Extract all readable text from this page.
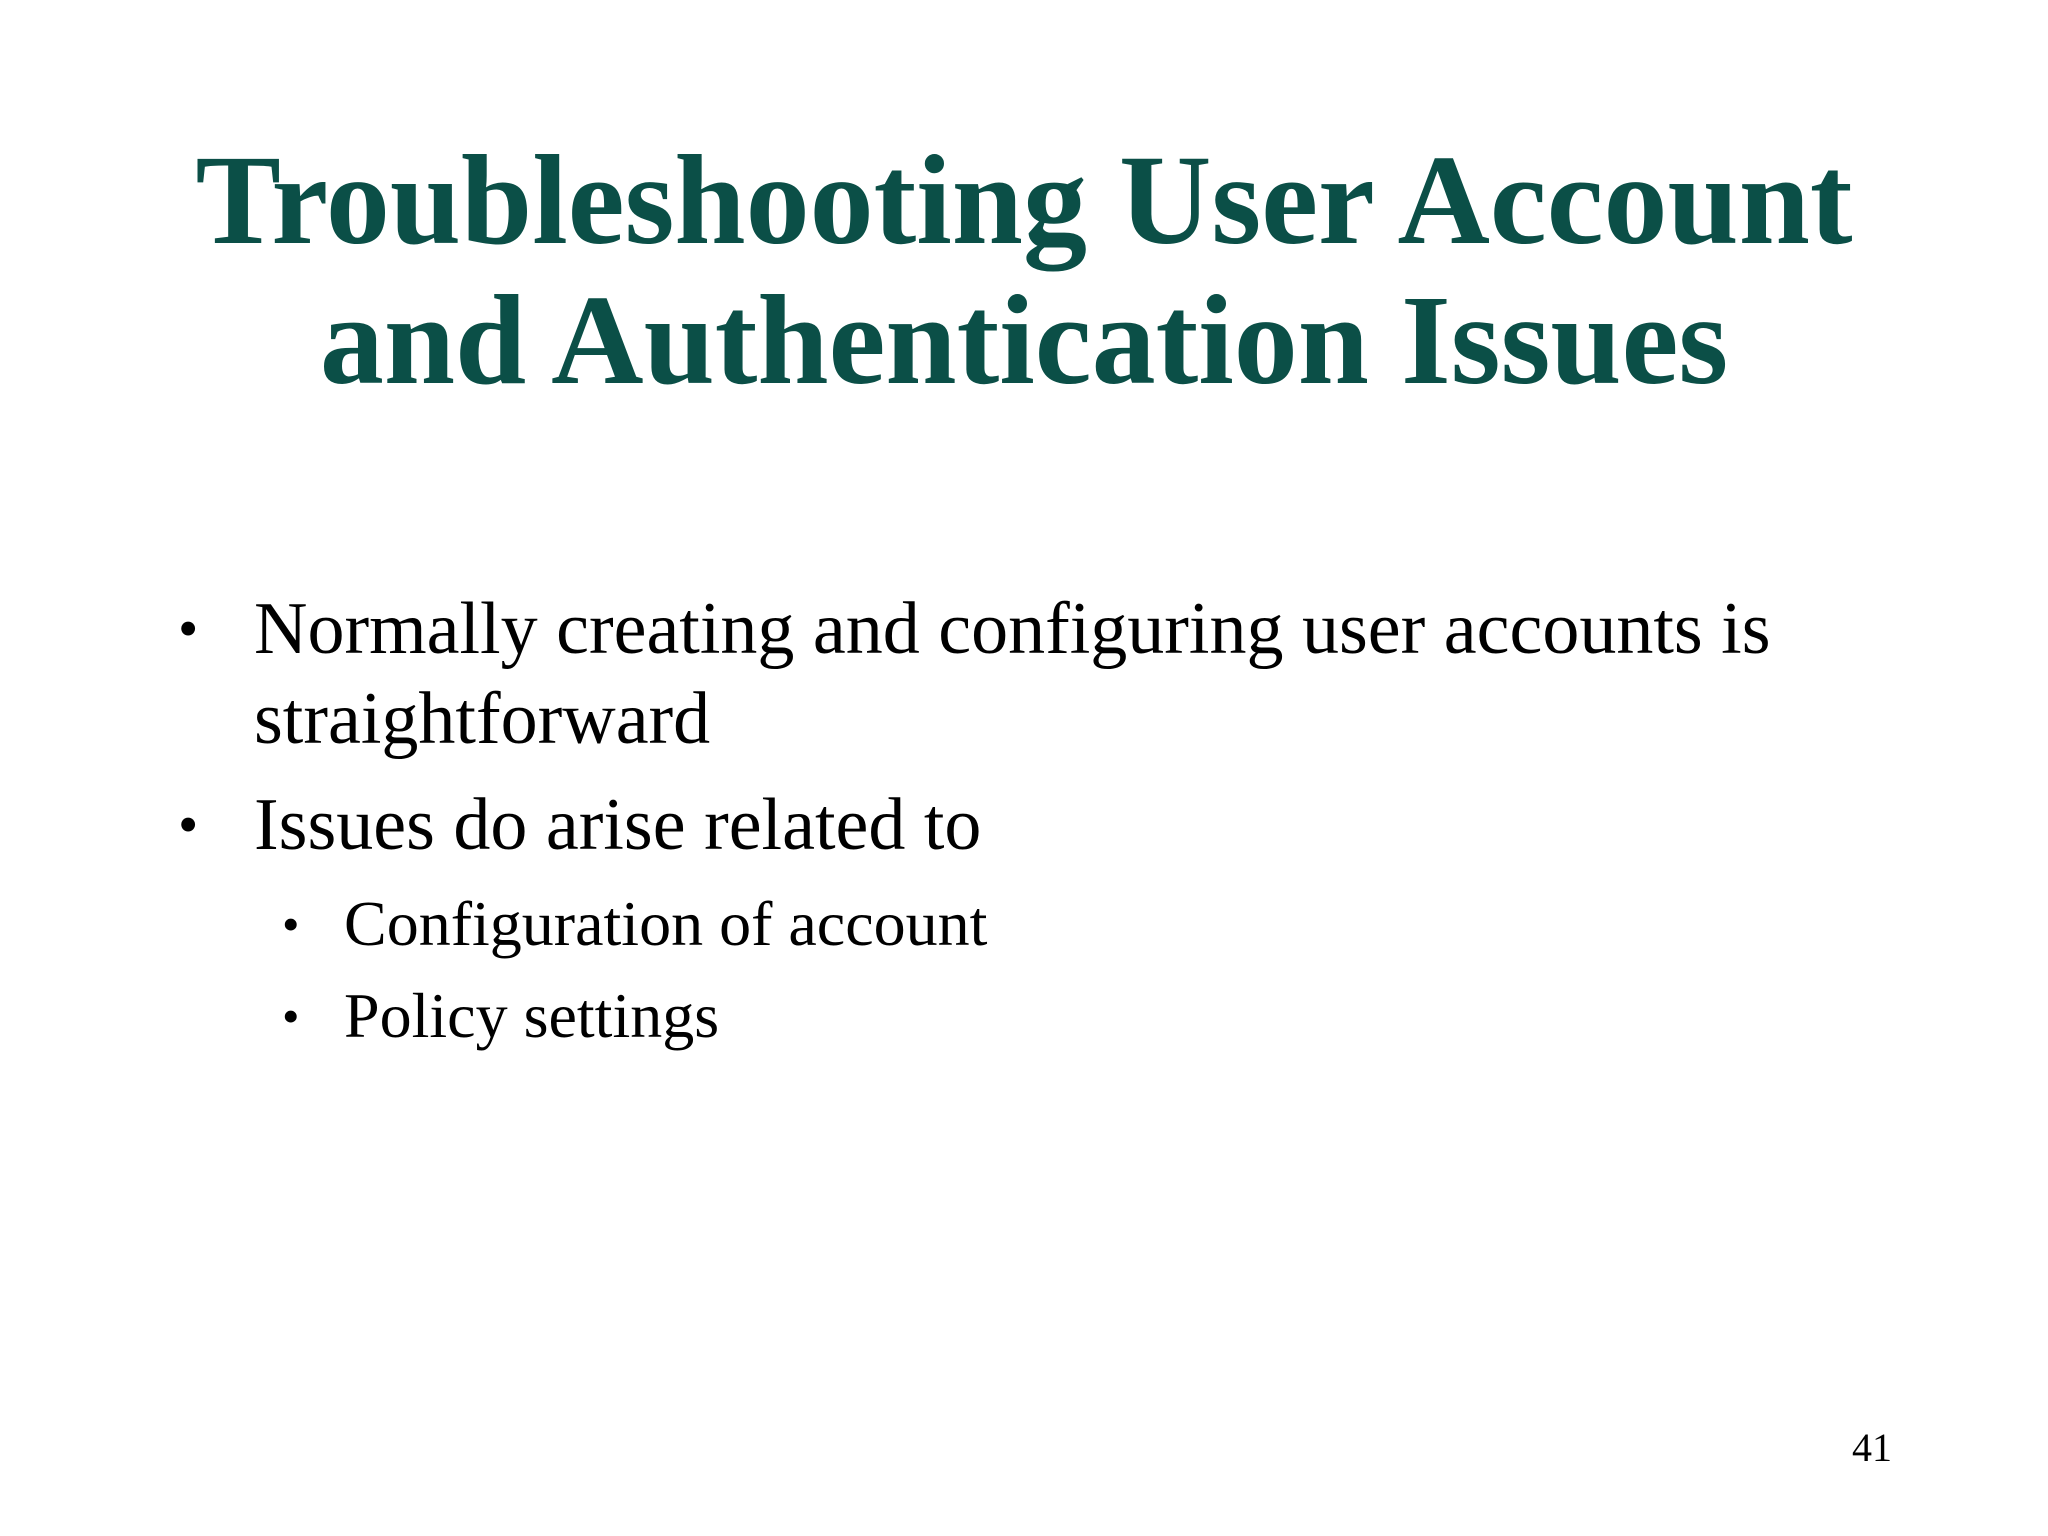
Troubleshooting User Account
and Authentication Issues
• Normally creating and configuring user accounts is straightforward
• Issues do arise related to
• Configuration of account
• Policy settings
41
